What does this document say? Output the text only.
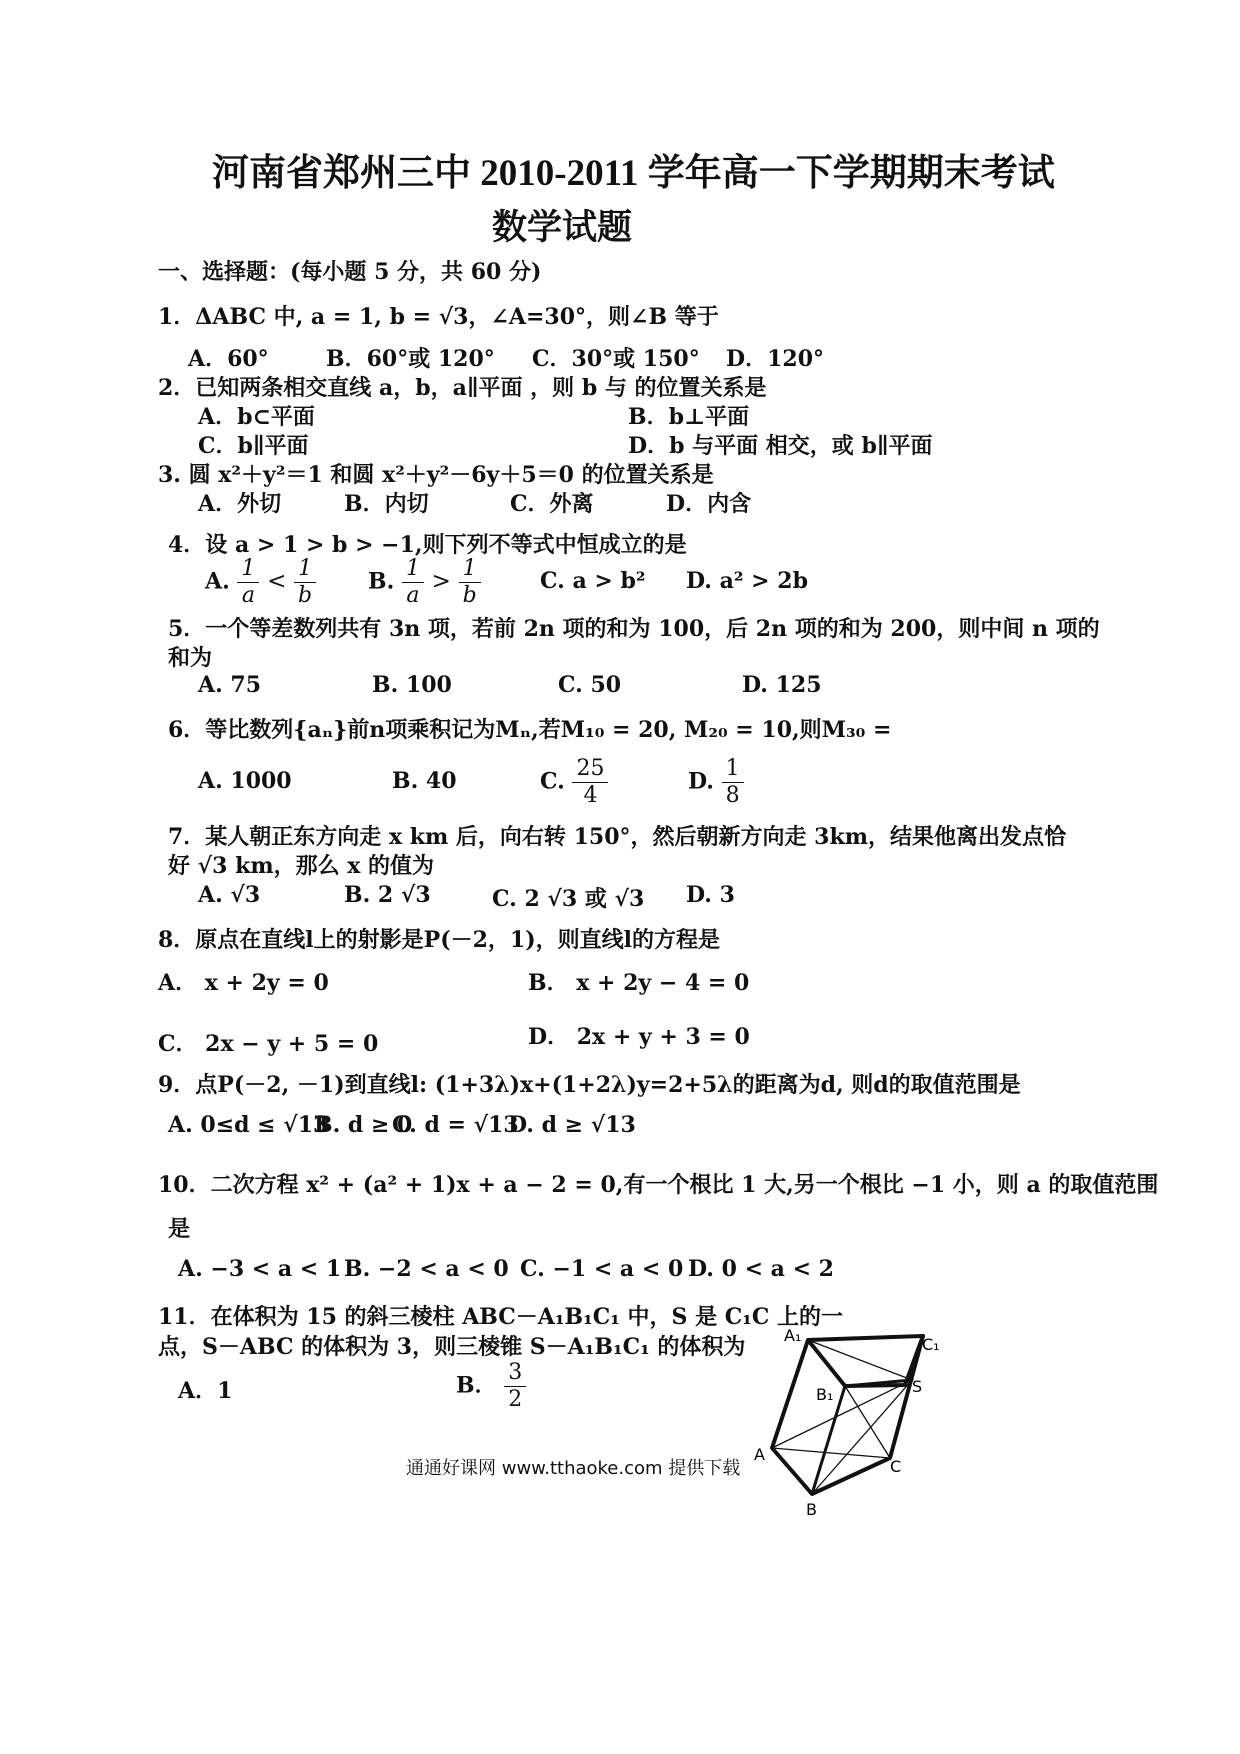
河南省郑州三中 2010-2011 学年高一下学期期末考试
数学试题
一、选择题：(每小题 5 分，共 60 分)
1．ΔABC 中, a = 1, b = √3，∠A=30°，则∠B 等于
A．60°	B．60°或 120° C．30°或 150° D．120°
2．已知两条相交直线 a，b，a∥平面 ，则 b 与 的位置关系是
A．b⊂平面	B．b⊥平面
C．b∥平面	D．b 与平面 相交，或 b∥平面
3. 圆 x²＋y²＝1 和圆 x²＋y²－6y＋5＝0 的位置关系是
A．外切	B．内切	C．外离	D．内含
4．设 a > 1 > b > −1,则下列不等式中恒成立的是
A. $\frac{1}{a} < \frac{1}{b} B$. $\frac{1}{a} > \frac{1}{b}$	C. a > b² D. a² > 2b
5．一个等差数列共有 3n 项，若前 2n 项的和为 100，后 2n 项的和为 200，则中间 n 项的
和为
A. 75	B. 100	C. 50	D. 125
6．等比数列{aₙ}前n项乘积记为Mₙ,若M₁₀ = 20, M₂₀ = 10,则M₃₀ =
A. 1000	B. 40	C. $\frac{25}{4}$	D. $\frac{1}{8}$
7．某人朝正东方向走 x km 后，向右转 150°，然后朝新方向走 3km，结果他离出发点恰
好 √3 km，那么 x 的值为
A. √3	B. 2 √3	C. 2 √3 或 √3 D. 3
8．原点在直线l上的射影是P(－2，1)，则直线l的方程是
A． x + 2y = 0	B． x + 2y − 4 = 0
C． 2x − y + 5 = 0	D． 2x + y + 3 = 0
9．点P(－2, －1)到直线l: (1+3λ)x+(1+2λ)y=2+5λ的距离为d, 则d的取值范围是
A. 0≤d ≤ √13
B. d ≥ 0
C. d = √13
D. d ≥ √13
10．二次方程 x² + (a² + 1)x + a − 2 = 0,有一个根比 1 大,另一个根比 −1 小，则 a 的取值范围
是
A. −3 < a < 1 B. −2 < a < 0 C. −1 < a < 0 D. 0 < a < 2
11．在体积为 15 的斜三棱柱 ABC－A₁B₁C₁ 中，S 是 C₁C 上的一
点，S－ABC 的体积为 3，则三棱锥 S－A₁B₁C₁ 的体积为
A．1	B． $\frac{3}{2}$
A₁	C₁
B₁	S
A
C
B
通通好课网 www.tthaoke.com 提供下载
